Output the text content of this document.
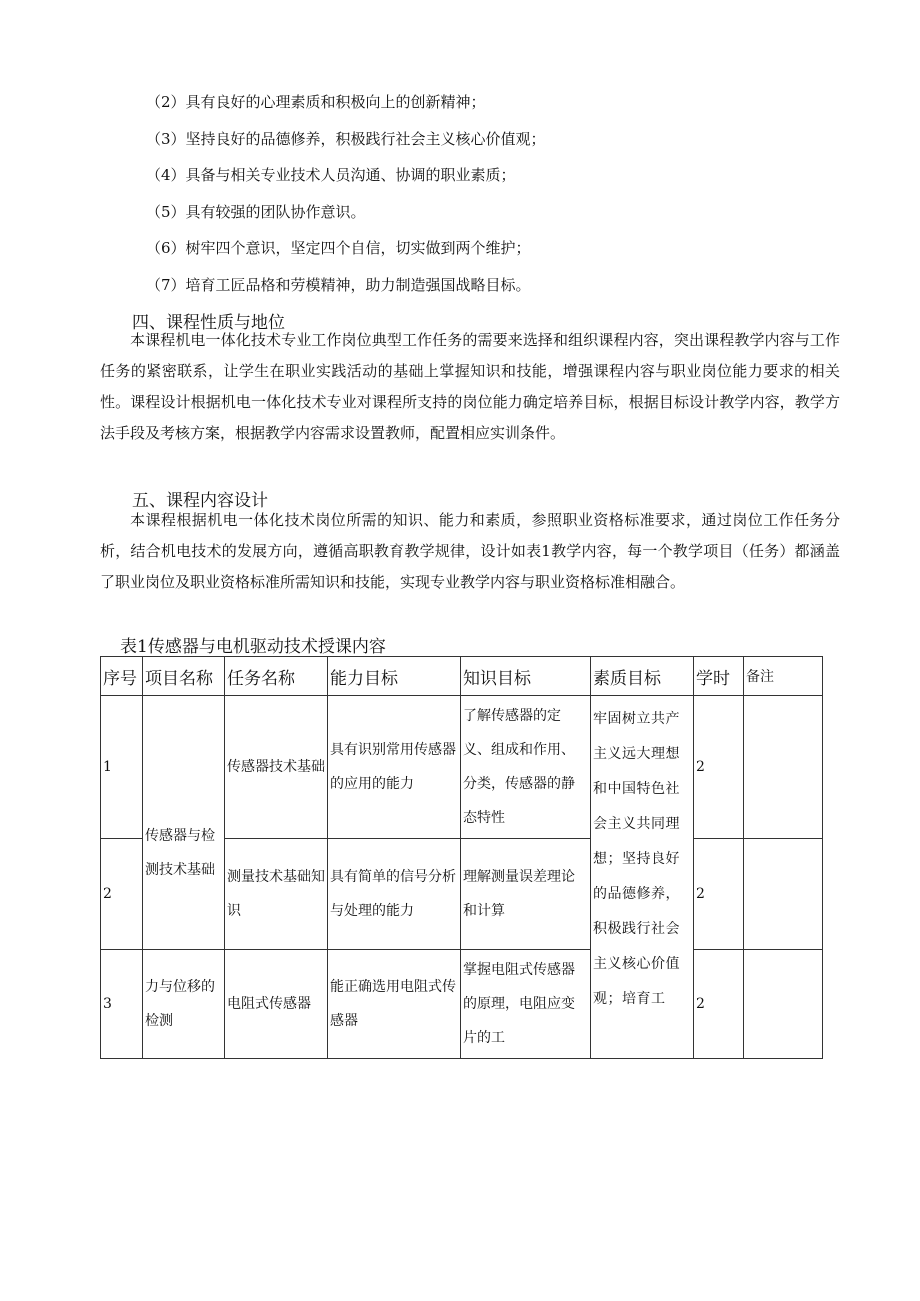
（2）具有良好的心理素质和积极向上的创新精神；
（3）坚持良好的品德修养，积极践行社会主义核心价值观；
（4）具备与相关专业技术人员沟通、协调的职业素质；
（5）具有较强的团队协作意识。
（6）树牢四个意识，坚定四个自信，切实做到两个维护；
（7）培育工匠品格和劳模精神，助力制造强国战略目标。
四、课程性质与地位

本课程机电一体化技术专业工作岗位典型工作任务的需要来选择和组织课程内容，突出课程教学内容与工作任务的紧密联系，让学生在职业实践活动的基础上掌握知识和技能，增强课程内容与职业岗位能力要求的相关性。课程设计根据机电一体化技术专业对课程所支持的岗位能力确定培养目标，根据目标设计教学内容，教学方法手段及考核方案，根据教学内容需求设置教师，配置相应实训条件。

五、课程内容设计

本课程根据机电一体化技术岗位所需的知识、能力和素质，参照职业资格标准要求，通过岗位工作任务分析，结合机电技术的发展方向，遵循高职教育教学规律，设计如表1教学内容，每一个教学项目（任务）都涵盖了职业岗位及职业资格标准所需知识和技能，实现专业教学内容与职业资格标准相融合。

表1传感器与电机驱动技术授课内容
序号	项目名称	任务名称	能力目标	知识目标	素质目标	学时	备注
1	传感器与检测技术基础	传感器技术基础	具有识别常用传感器的应用的能力	了解传感器的定义、组成和作用、分类，传感器的静态特性	牢固树立共产主义远大理想和中国特色社会主义共同理想；坚持良好的品德修养，积极践行社会主义核心价值观；培育工	2	
2		测量技术基础知识	具有简单的信号分析与处理的能力	理解测量误差理论和计算		2	
3	力与位移的检测	电阻式传感器	能正确选用电阻式传感器	掌握电阻式传感器的原理，电阻应变片的工		2	
